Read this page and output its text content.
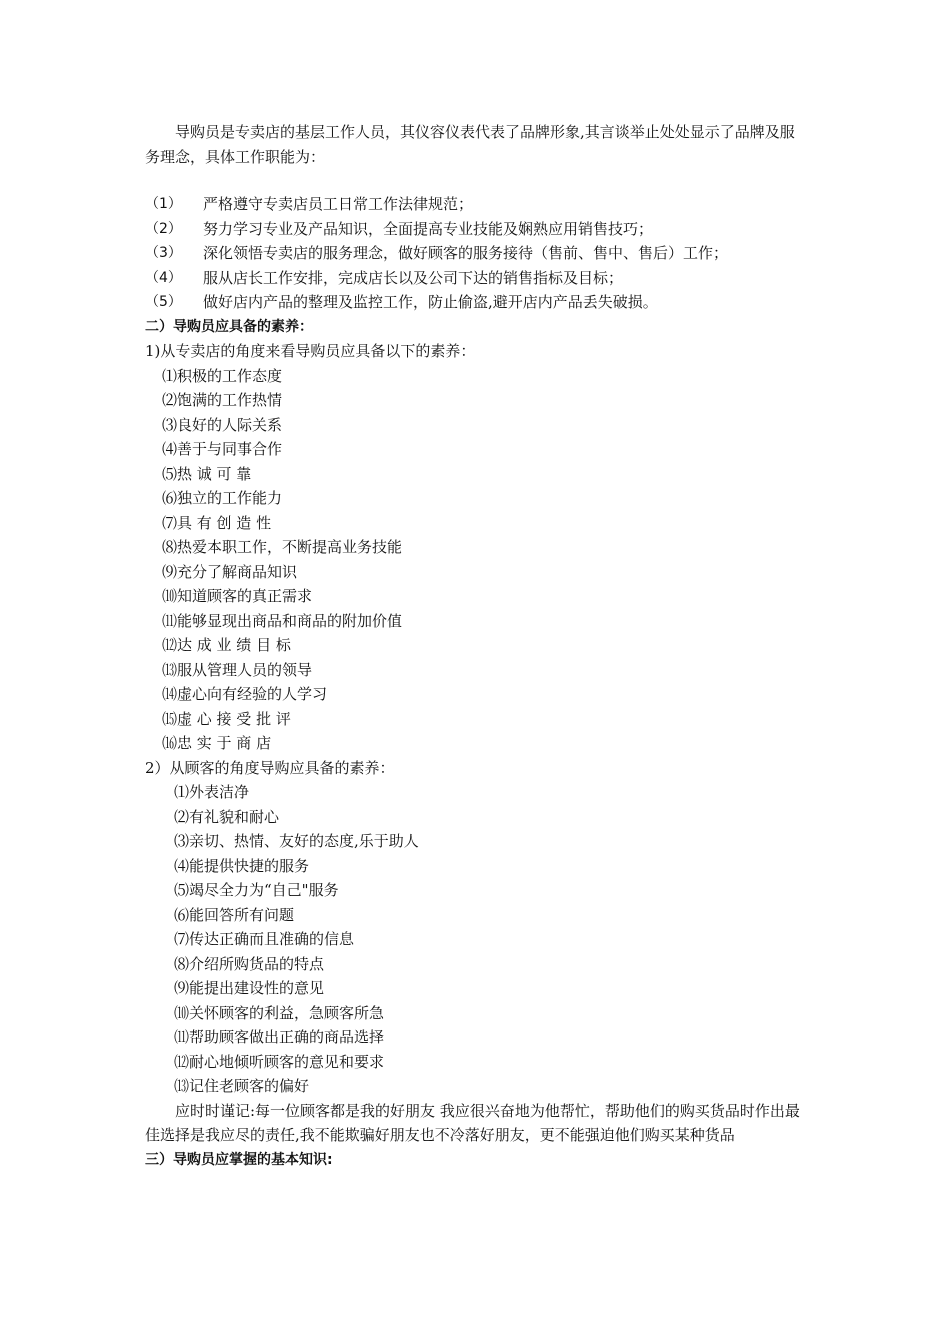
导购员是专卖店的基层工作人员，其仪容仪表代表了品牌形象,其言谈举止处处显示了品牌及服务理念，具体工作职能为：

（1）	严格遵守专卖店员工日常工作法律规范；
（2）	努力学习专业及产品知识，全面提高专业技能及娴熟应用销售技巧；
（3）	深化领悟专卖店的服务理念，做好顾客的服务接待（售前、售中、售后）工作；
（4）	服从店长工作安排，完成店长以及公司下达的销售指标及目标；
（5）	做好店内产品的整理及监控工作，防止偷盗,避开店内产品丢失破损。

二）导购员应具备的素养：

1)从专卖店的角度来看导购员应具备以下的素养：

⑴积极的工作态度

⑵饱满的工作热情

⑶良好的人际关系

⑷善于与同事合作

⑸热 诚 可 靠

⑹独立的工作能力

⑺具 有 创 造 性

⑻热爱本职工作，不断提高业务技能

⑼充分了解商品知识

⑽知道顾客的真正需求

⑾能够显现出商品和商品的附加价值

⑿达 成 业 绩 目 标

⒀服从管理人员的领导

⒁虚心向有经验的人学习

⒂虚 心 接 受 批 评

⒃忠 实 于 商 店

2）从顾客的角度导购应具备的素养：

⑴外表洁净

⑵有礼貌和耐心

⑶亲切、热情、友好的态度,乐于助人

⑷能提供快捷的服务

⑸竭尽全力为“自己"服务

⑹能回答所有问题

⑺传达正确而且准确的信息

⑻介绍所购货品的特点

⑼能提出建设性的意见

⑽关怀顾客的利益，急顾客所急

⑾帮助顾客做出正确的商品选择

⑿耐心地倾听顾客的意见和要求

⒀记住老顾客的偏好

应时时谨记:每一位顾客都是我的好朋友 我应很兴奋地为他帮忙，帮助他们的购买货品时作出最佳选择是我应尽的责任,我不能欺骗好朋友也不冷落好朋友，更不能强迫他们购买某种货品

三）导购员应掌握的基本知识:
